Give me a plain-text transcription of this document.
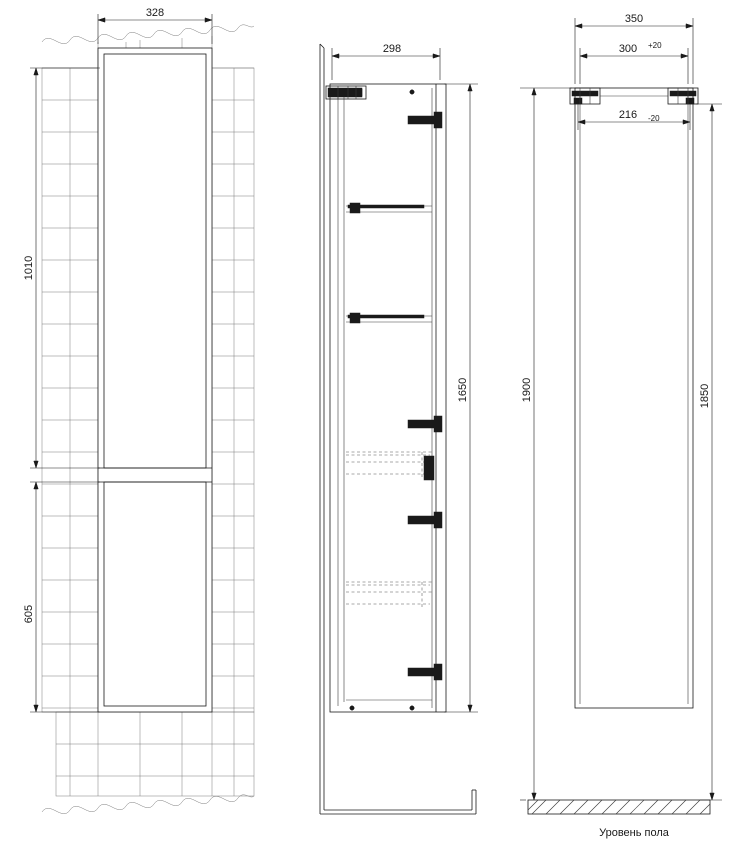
328
1010
605
298
1650
350
300 +20
216 -20
1900	1850
Уровень пола
